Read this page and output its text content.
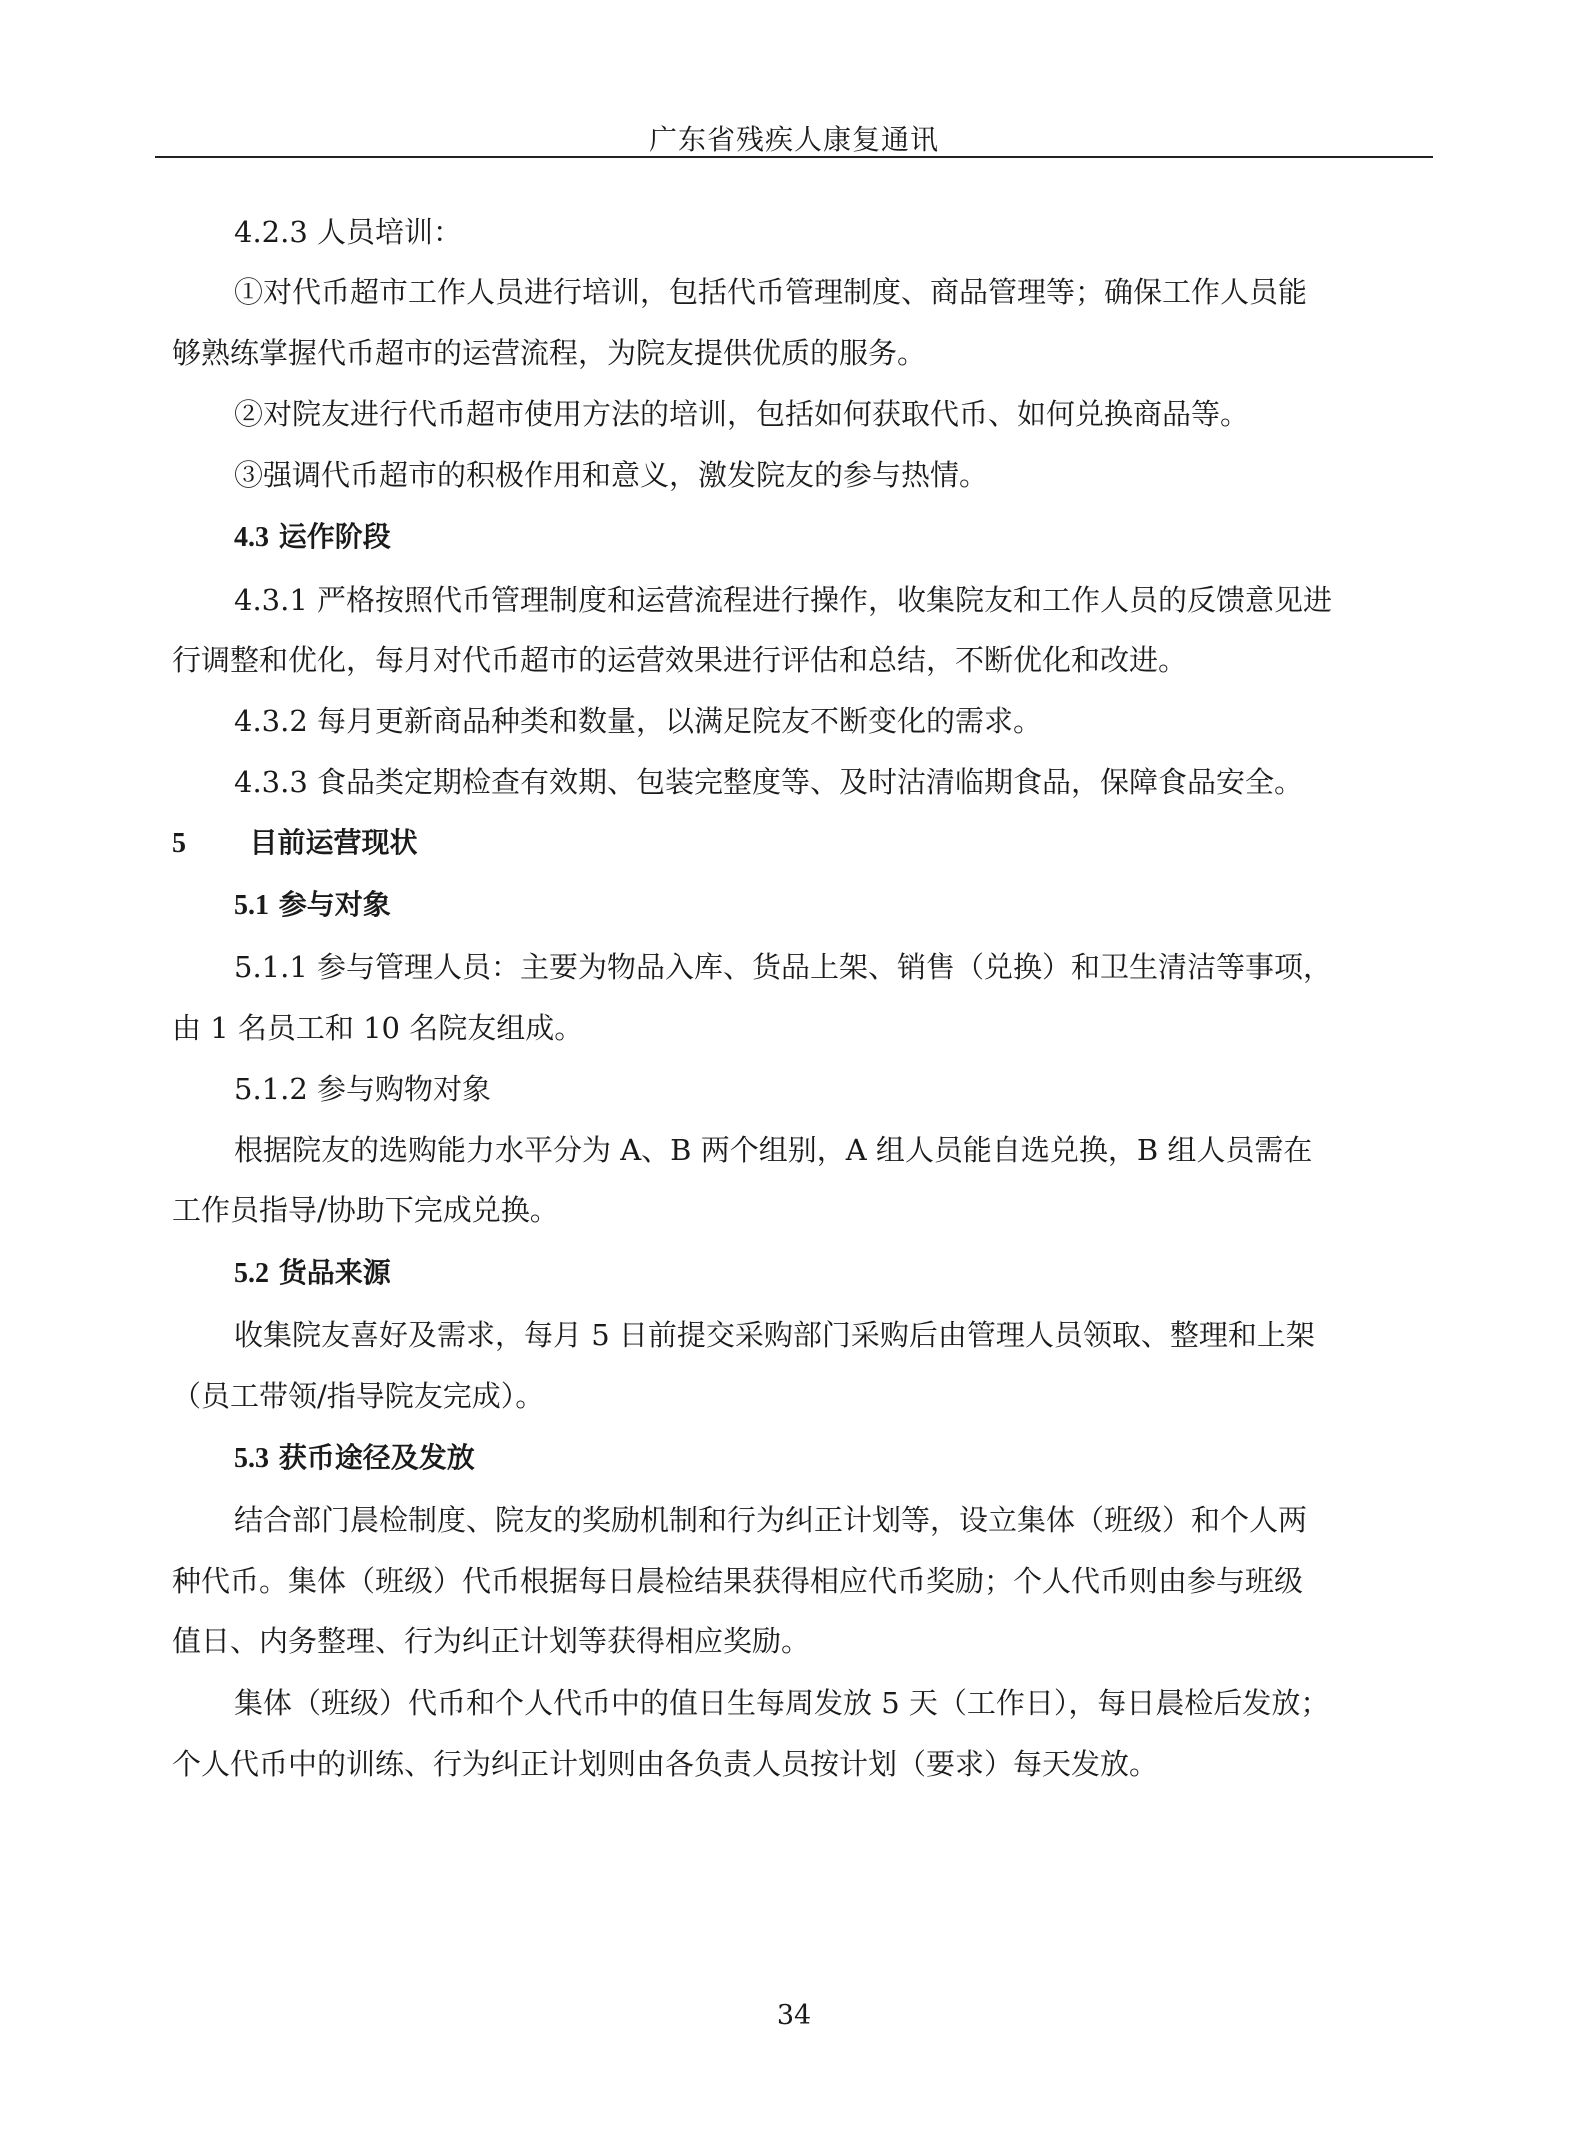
广东省残疾人康复通讯
4.2.3 人员培训：
①对代币超市工作人员进行培训，包括代币管理制度、商品管理等；确保工作人员能
够熟练掌握代币超市的运营流程，为院友提供优质的服务。
②对院友进行代币超市使用方法的培训，包括如何获取代币、如何兑换商品等。
③强调代币超市的积极作用和意义，激发院友的参与热情。
4.3 运作阶段
4.3.1 严格按照代币管理制度和运营流程进行操作，收集院友和工作人员的反馈意见进
行调整和优化，每月对代币超市的运营效果进行评估和总结，不断优化和改进。
4.3.2 每月更新商品种类和数量，以满足院友不断变化的需求。
4.3.3 食品类定期检查有效期、包装完整度等、及时沽清临期食品，保障食品安全。
5 目前运营现状
5.1 参与对象
5.1.1 参与管理人员：主要为物品入库、货品上架、销售（兑换）和卫生清洁等事项，
由 1 名员工和 10 名院友组成。
5.1.2 参与购物对象
根据院友的选购能力水平分为 A、B 两个组别，A 组人员能自选兑换，B 组人员需在
工作员指导/协助下完成兑换。
5.2 货品来源
收集院友喜好及需求，每月 5 日前提交采购部门采购后由管理人员领取、整理和上架
（员工带领/指导院友完成）。
5.3 获币途径及发放
结合部门晨检制度、院友的奖励机制和行为纠正计划等，设立集体（班级）和个人两
种代币。集体（班级）代币根据每日晨检结果获得相应代币奖励；个人代币则由参与班级
值日、内务整理、行为纠正计划等获得相应奖励。
集体（班级）代币和个人代币中的值日生每周发放 5 天（工作日），每日晨检后发放；
个人代币中的训练、行为纠正计划则由各负责人员按计划（要求）每天发放。
34
